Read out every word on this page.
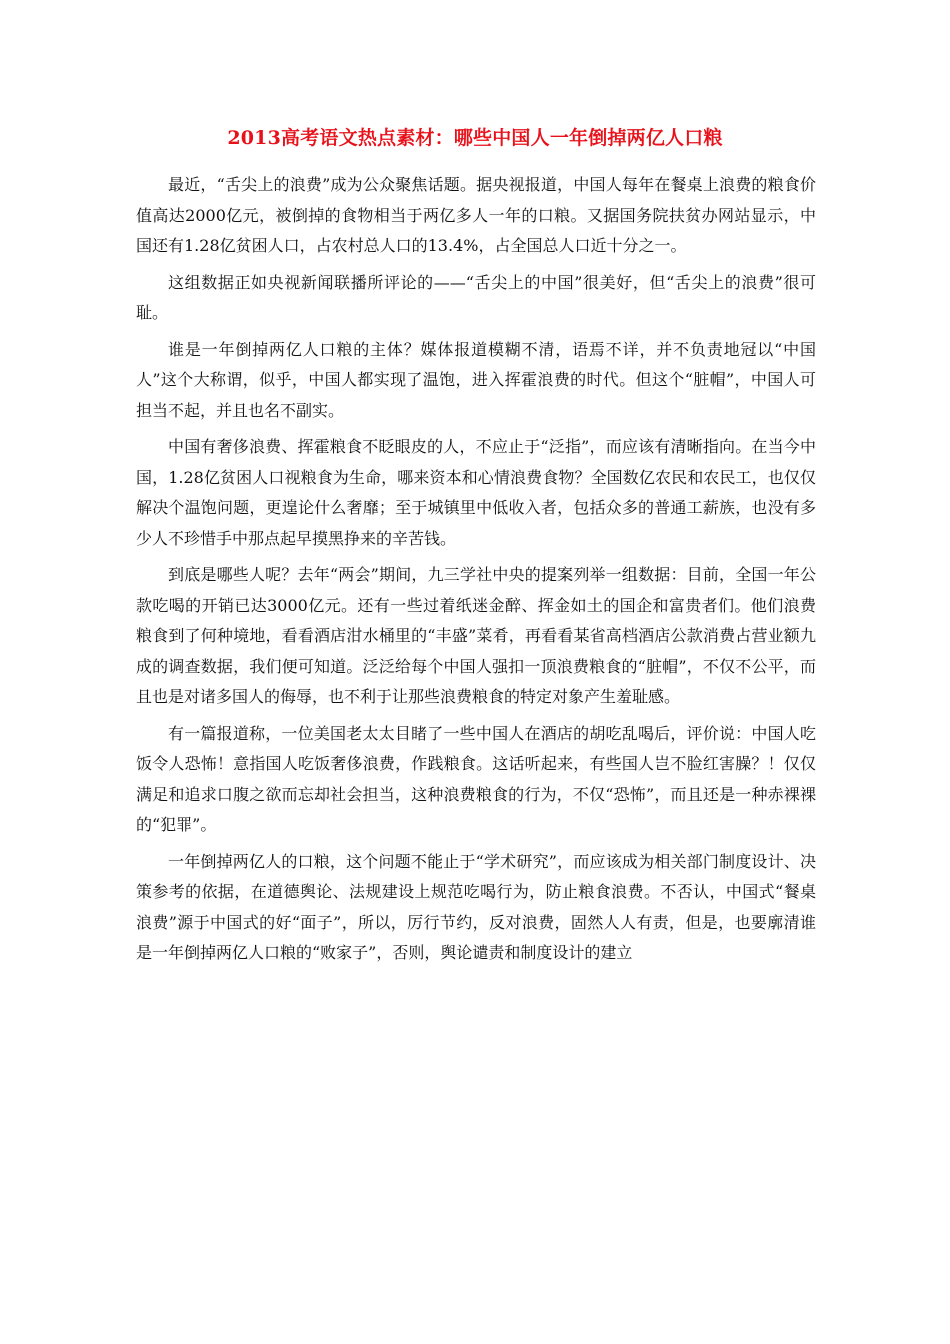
2013高考语文热点素材：哪些中国人一年倒掉两亿人口粮

最近，“舌尖上的浪费”成为公众聚焦话题。据央视报道，中国人每年在餐桌上浪费的粮食价值高达2000亿元，被倒掉的食物相当于两亿多人一年的口粮。又据国务院扶贫办网站显示，中国还有1.28亿贫困人口，占农村总人口的13.4%，占全国总人口近十分之一。

这组数据正如央视新闻联播所评论的——“舌尖上的中国”很美好，但“舌尖上的浪费”很可耻。

谁是一年倒掉两亿人口粮的主体？媒体报道模糊不清，语焉不详，并不负责地冠以“中国人”这个大称谓，似乎，中国人都实现了温饱，进入挥霍浪费的时代。但这个“脏帽”，中国人可担当不起，并且也名不副实。

中国有奢侈浪费、挥霍粮食不眨眼皮的人，不应止于“泛指”，而应该有清晰指向。在当今中国，1.28亿贫困人口视粮食为生命，哪来资本和心情浪费食物？全国数亿农民和农民工，也仅仅解决个温饱问题，更遑论什么奢靡；至于城镇里中低收入者，包括众多的普通工薪族，也没有多少人不珍惜手中那点起早摸黑挣来的辛苦钱。

到底是哪些人呢？去年“两会”期间，九三学社中央的提案列举一组数据：目前，全国一年公款吃喝的开销已达3000亿元。还有一些过着纸迷金醉、挥金如土的国企和富贵者们。他们浪费粮食到了何种境地，看看酒店泔水桶里的“丰盛”菜肴，再看看某省高档酒店公款消费占营业额九成的调查数据，我们便可知道。泛泛给每个中国人强扣一顶浪费粮食的“脏帽”，不仅不公平，而且也是对诸多国人的侮辱，也不利于让那些浪费粮食的特定对象产生羞耻感。

有一篇报道称，一位美国老太太目睹了一些中国人在酒店的胡吃乱喝后，评价说：中国人吃饭令人恐怖！意指国人吃饭奢侈浪费，作践粮食。这话听起来，有些国人岂不脸红害臊？！仅仅满足和追求口腹之欲而忘却社会担当，这种浪费粮食的行为，不仅“恐怖”，而且还是一种赤裸裸的“犯罪”。

一年倒掉两亿人的口粮，这个问题不能止于“学术研究”，而应该成为相关部门制度设计、决策参考的依据，在道德舆论、法规建设上规范吃喝行为，防止粮食浪费。不否认，中国式“餐桌浪费”源于中国式的好“面子”，所以，厉行节约，反对浪费，固然人人有责，但是，也要廓清谁是一年倒掉两亿人口粮的“败家子”，否则，舆论谴责和制度设计的建立
